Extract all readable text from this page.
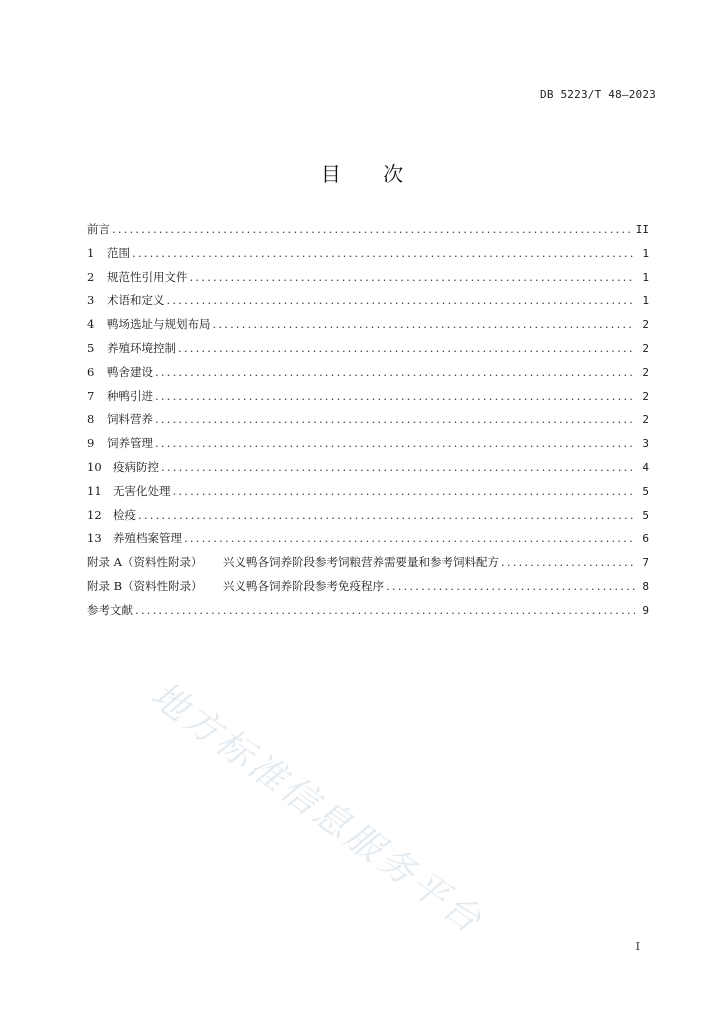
DB 5223/T 48—2023
目 次
前言 .....	II
1	范围 .....	1
2	规范性引用文件 .....	1
3	术语和定义 .....	1
4	鸭场选址与规划布局 .....	2
5	养殖环境控制 .....	2
6	鸭舍建设 .....	2
7	种鸭引进 .....	2
8	饲料营养 .....	2
9	饲养管理 .....	3
10 疫病防控 .....	4
11 无害化处理 .....	5
12 检疫 .....	5
13 养殖档案管理 .....	6
附录 A（资料性附录）	兴义鸭各饲养阶段参考饲粮营养需要量和参考饲料配方 .....	7
附录 B（资料性附录）	兴义鸭各饲养阶段参考免疫程序 .....	8
参考文献 .....	9
地方标准信息服务平台
I
